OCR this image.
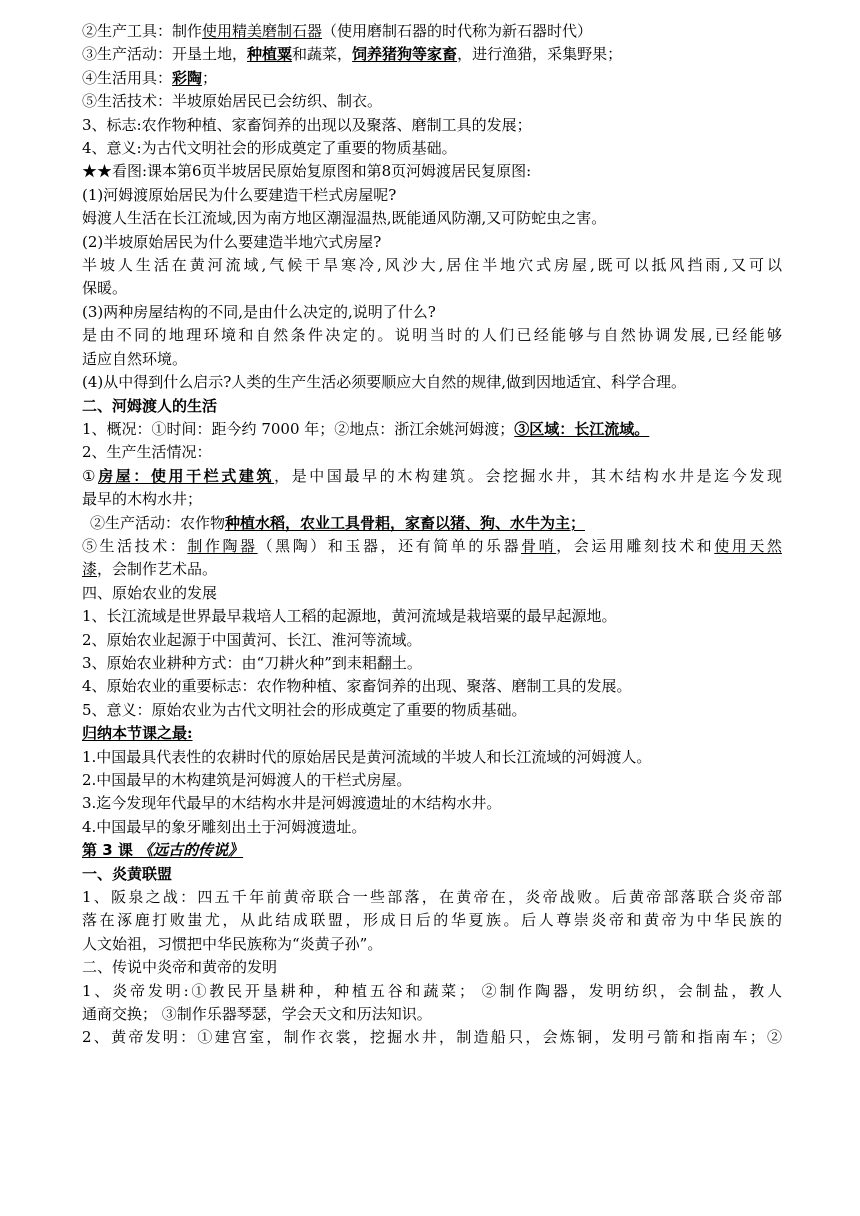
②生产工具：制作使用精美磨制石器（使用磨制石器的时代称为新石器时代）
③生产活动：开垦土地，种植粟和蔬菜，饲养猪狗等家畜，进行渔猎，采集野果；
④生活用具：彩陶；
⑤生活技术：半坡原始居民已会纺织、制衣。
3、标志:农作物种植、家畜饲养的出现以及聚落、磨制工具的发展；
4、意义:为古代文明社会的形成奠定了重要的物质基础。
★★看图:课本第6页半坡居民原始复原图和第8页河姆渡居民复原图:
(1)河姆渡原始居民为什么要建造干栏式房屋呢?
姆渡人生活在长江流域,因为南方地区潮湿温热,既能通风防潮,又可防蛇虫之害。
(2)半坡原始居民为什么要建造半地穴式房屋?
半坡人生活在黄河流域,气候干旱寒冷,风沙大,居住半地穴式房屋,既可以抵风挡雨,又可以
保暖。
(3)两种房屋结构的不同,是由什么决定的,说明了什么?
是由不同的地理环境和自然条件决定的。说明当时的人们已经能够与自然协调发展,已经能够
适应自然环境。
(4)从中得到什么启示?人类的生产生活必须要顺应大自然的规律,做到因地适宜、科学合理。
二、河姆渡人的生活
1、概况：①时间：距今约 7000 年；②地点：浙江余姚河姆渡；③区域：长江流域。
2、生产生活情况：
①房屋：使用干栏式建筑，是中国最早的木构建筑。会挖掘水井，其木结构水井是迄今发现
最早的木构水井；
②生产活动：农作物种植水稻，农业工具骨耜，家畜以猪、狗、水牛为主；
⑤生活技术：制作陶器（黑陶）和玉器，还有简单的乐器骨哨，会运用雕刻技术和使用天然
漆，会制作艺术品。
四、原始农业的发展
1、长江流域是世界最早栽培人工稻的起源地，黄河流域是栽培粟的最早起源地。
2、原始农业起源于中国黄河、长江、淮河等流域。
3、原始农业耕种方式：由“刀耕火种”到耒耜翻土。
4、原始农业的重要标志：农作物种植、家畜饲养的出现、聚落、磨制工具的发展。
5、意义：原始农业为古代文明社会的形成奠定了重要的物质基础。
归纳本节课之最:
1.中国最具代表性的农耕时代的原始居民是黄河流域的半坡人和长江流域的河姆渡人。
2.中国最早的木构建筑是河姆渡人的干栏式房屋。
3.迄今发现年代最早的木结构水井是河姆渡遗址的木结构水井。
4.中国最早的象牙雕刻出土于河姆渡遗址。
第 3 课 《远古的传说》
一、炎黄联盟
1、阪泉之战：四五千年前黄帝联合一些部落，在黄帝在，炎帝战败。后黄帝部落联合炎帝部
落在涿鹿打败蚩尤，从此结成联盟，形成日后的华夏族。后人尊崇炎帝和黄帝为中华民族的
人文始祖，习惯把中华民族称为“炎黄子孙”。
二、传说中炎帝和黄帝的发明
1、炎帝发明:①教民开垦耕种，种植五谷和蔬菜； ②制作陶器，发明纺织，会制盐，教人
通商交换； ③制作乐器琴瑟，学会天文和历法知识。
2、黄帝发明：①建宫室，制作衣裳，挖掘水井，制造船只，会炼铜，发明弓箭和指南车；②
